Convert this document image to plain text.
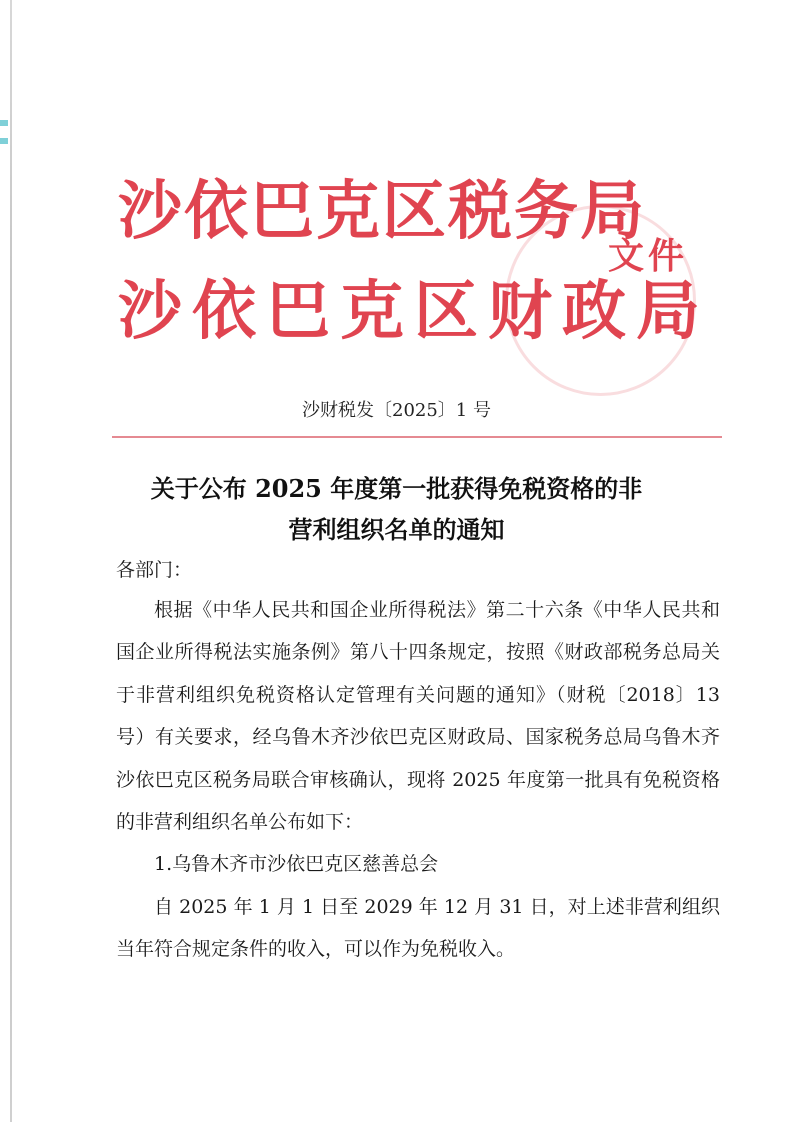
沙依巴克区税务局
沙依巴克区财政局
文件
沙财税发〔2025〕1 号
关于公布 2025 年度第一批获得免税资格的非
营利组织名单的通知
各部门：

根据《中华人民共和国企业所得税法》第二十六条《中华人民共和国企业所得税法实施条例》第八十四条规定，按照《财政部税务总局关于非营利组织免税资格认定管理有关问题的通知》（财税〔2018〕13 号）有关要求，经乌鲁木齐沙依巴克区财政局、国家税务总局乌鲁木齐沙依巴克区税务局联合审核确认，现将 2025 年度第一批具有免税资格的非营利组织名单公布如下：

1.乌鲁木齐市沙依巴克区慈善总会

自 2025 年 1 月 1 日至 2029 年 12 月 31 日，对上述非营利组织当年符合规定条件的收入，可以作为免税收入。
